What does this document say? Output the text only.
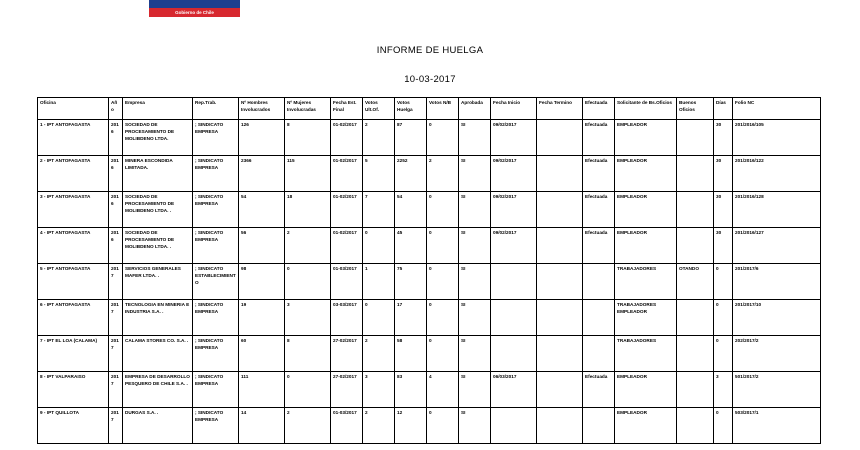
Gobierno de Chile
INFORME DE HUELGA
10-03-2017
Oficina	Año	Empresa	Rep.Trab.	Nº Hombres Involucrados	Nº Mujeres Involucradas	Fecha Est. Final	Votos Ult.Of.	Votos Huelga	Votos N/B	Aprobada	Fecha Inicio	Fecha Termino	Efectuada	Solicitante de Bs.Oficios	Buenos Oficios	Días	Folio NC
1 - IPT ANTOFAGASTA	2016	SOCIEDAD DE PROCESAMIENTO DE MOLIBDENO LTDA.	; SINDICATO EMPRESA	126	8	01-02/2017	2	87	0	SI	09/02/2017		Efectuada	EMPLEADOR		30	201/2016/105
2 - IPT ANTOFAGASTA	2016	MINERA ESCONDIDA LIMITADA.	; SINDICATO EMPRESA	2366	115	01-02/2017	5	2252	2	SI	09/02/2017		Efectuada	EMPLEADOR		30	201/2016/122
3 - IPT ANTOFAGASTA	2016	SOCIEDAD DE PROCESAMIENTO DE MOLIBDENO LTDA. .	; SINDICATO EMPRESA	54	18	01-02/2017	7	54	0	SI	09/02/2017		Efectuada	EMPLEADOR		30	201/2016/128
4 - IPT ANTOFAGASTA	2016	SOCIEDAD DE PROCESAMIENTO DE MOLIBDENO LTDA. .	; SINDICATO EMPRESA	56	2	01-02/2017	0	45	0	SI	09/02/2017		Efectuada	EMPLEADOR		30	201/2016/127
5 - IPT ANTOFAGASTA	2017	SERVICIOS GENERALES MAFER LTDA. .	; SINDICATO ESTABLECIMIENTO	98	0	01-03/2017	1	75	0	SI				TRABAJADORES	OTANDO	0	201/2017/6
6 - IPT ANTOFAGASTA	2017	TECNOLOGIA EN MINERIA E INDUSTRIA S.A. .	; SINDICATO EMPRESA	19	3	03-03/2017	0	17	0	SI				TRABAJADORES EMPLEADOR		0	201/2017/10
7 - IPT EL LOA (CALAMA)	2017	CALAMA STORES CO. S.A. .	; SINDICATO EMPRESA	60	8	27-02/2017	2	58	0	SI				TRABAJADORES		0	202/2017/2
8 - IPT VALPARAISO	2017	EMPRESA DE DESARROLLO PESQUERO DE CHILE S.A. .	; SINDICATO EMPRESA	111	0	27-02/2017	3	83	4	SI	06/03/2017		Efectuada	EMPLEADOR		3	501/2017/2
9 - IPT QUILLOTA	2017	DURGAS S.A. .	; SINDICATO EMPRESA	14	2	01-03/2017	2	12	0	SI				EMPLEADOR		0	503/2017/1
